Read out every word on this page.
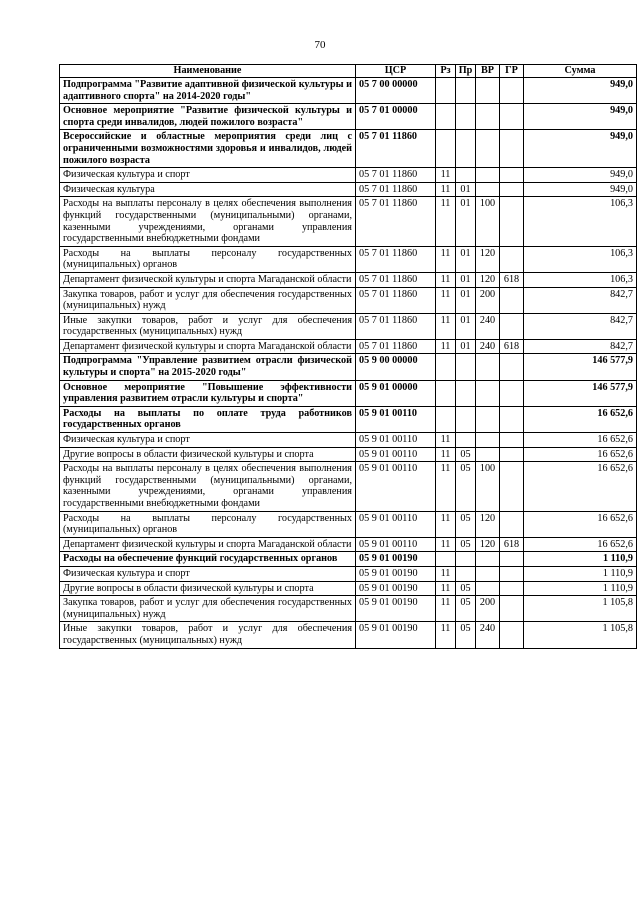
70
Наименование	ЦСР	Рз	Пр	ВР	ГР	Сумма
Подпрограмма "Развитие адаптивной физической культуры и адаптивного спорта" на 2014-2020 годы"	05 7 00 00000					949,0
Основное мероприятие "Развитие физической культуры и спорта среди инвалидов, людей пожилого возраста"	05 7 01 00000					949,0
Всероссийские и областные мероприятия среди лиц с ограниченными возможностями здоровья и инвалидов, людей пожилого возраста	05 7 01 11860					949,0
Физическая культура и спорт	05 7 01 11860	11				949,0
Физическая культура	05 7 01 11860	11	01			949,0
Расходы на выплаты персоналу в целях обеспечения выполнения функций государственными (муниципальными) органами, казенными учреждениями, органами управления государственными внебюджетными фондами	05 7 01 11860	11	01	100		106,3
Расходы на выплаты персоналу государственных (муниципальных) органов	05 7 01 11860	11	01	120		106,3
Департамент физической культуры и спорта Магаданской области	05 7 01 11860	11	01	120	618	106,3
Закупка товаров, работ и услуг для обеспечения государственных (муниципальных) нужд	05 7 01 11860	11	01	200		842,7
Иные закупки товаров, работ и услуг для обеспечения государственных (муниципальных) нужд	05 7 01 11860	11	01	240		842,7
Департамент физической культуры и спорта Магаданской области	05 7 01 11860	11	01	240	618	842,7
Подпрограмма "Управление развитием отрасли физической культуры и спорта" на 2015-2020 годы"	05 9 00 00000					146 577,9
Основное мероприятие "Повышение эффективности управления развитием отрасли культуры и спорта"	05 9 01 00000					146 577,9
Расходы на выплаты по оплате труда работников государственных органов	05 9 01 00110					16 652,6
Физическая культура и спорт	05 9 01 00110	11				16 652,6
Другие вопросы в области физической культуры и спорта	05 9 01 00110	11	05			16 652,6
Расходы на выплаты персоналу в целях обеспечения выполнения функций государственными (муниципальными) органами, казенными учреждениями, органами управления государственными внебюджетными фондами	05 9 01 00110	11	05	100		16 652,6
Расходы на выплаты персоналу государственных (муниципальных) органов	05 9 01 00110	11	05	120		16 652,6
Департамент физической культуры и спорта Магаданской области	05 9 01 00110	11	05	120	618	16 652,6
Расходы на обеспечение функций государственных органов	05 9 01 00190					1 110,9
Физическая культура и спорт	05 9 01 00190	11				1 110,9
Другие вопросы в области физической культуры и спорта	05 9 01 00190	11	05			1 110,9
Закупка товаров, работ и услуг для обеспечения государственных (муниципальных) нужд	05 9 01 00190	11	05	200		1 105,8
Иные закупки товаров, работ и услуг для обеспечения государственных (муниципальных) нужд	05 9 01 00190	11	05	240		1 105,8
